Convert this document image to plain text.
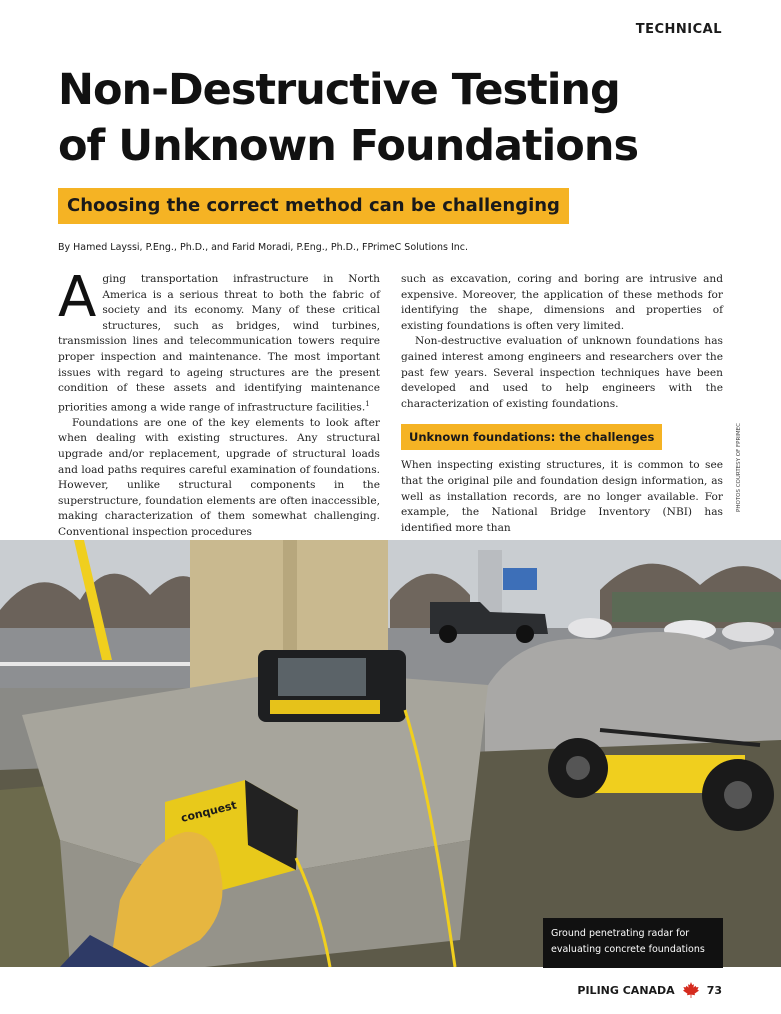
TECHNICAL
Non-Destructive Testing
of Unknown Foundations
Choosing the correct method can be challenging
By Hamed Layssi, P.Eng., Ph.D., and Farid Moradi, P.Eng., Ph.D., FPrimeC Solutions Inc.

Aging transportation infrastructure in North America is a serious threat to both the fabric of society and its economy. Many of these critical structures, such as bridges, wind turbines, transmission lines and telecommunication towers require proper inspection and maintenance. The most important issues with regard to ageing structures are the present condition of these assets and identifying maintenance priorities among a wide range of infrastructure facilities.$^1$

Foundations are one of the key elements to look after when dealing with existing structures. Any structural upgrade and/or replacement, upgrade of structural loads and load paths requires careful examination of foundations. However, unlike structural components in the superstructure, foundation elements are often inaccessible, making characterization of them somewhat challenging. Conventional inspection procedures

such as excavation, coring and boring are intrusive and expensive. Moreover, the application of these methods for identifying the shape, dimensions and properties of existing foundations is often very limited.

Non-destructive evaluation of unknown foundations has gained interest among engineers and researchers over the past few years. Several inspection techniques have been developed and used to help engineers with the characterization of existing foundations.

Unknown foundations: the challenges

When inspecting existing structures, it is common to see that the original pile and foundation design information, as well as installation records, are no longer available. For example, the National Bridge Inventory (NBI) has identified more than

PHOTOS COURTESY OF FPRIMEC
conquest
Ground penetrating radar for
evaluating concrete foundations
PILING CANADA	73
